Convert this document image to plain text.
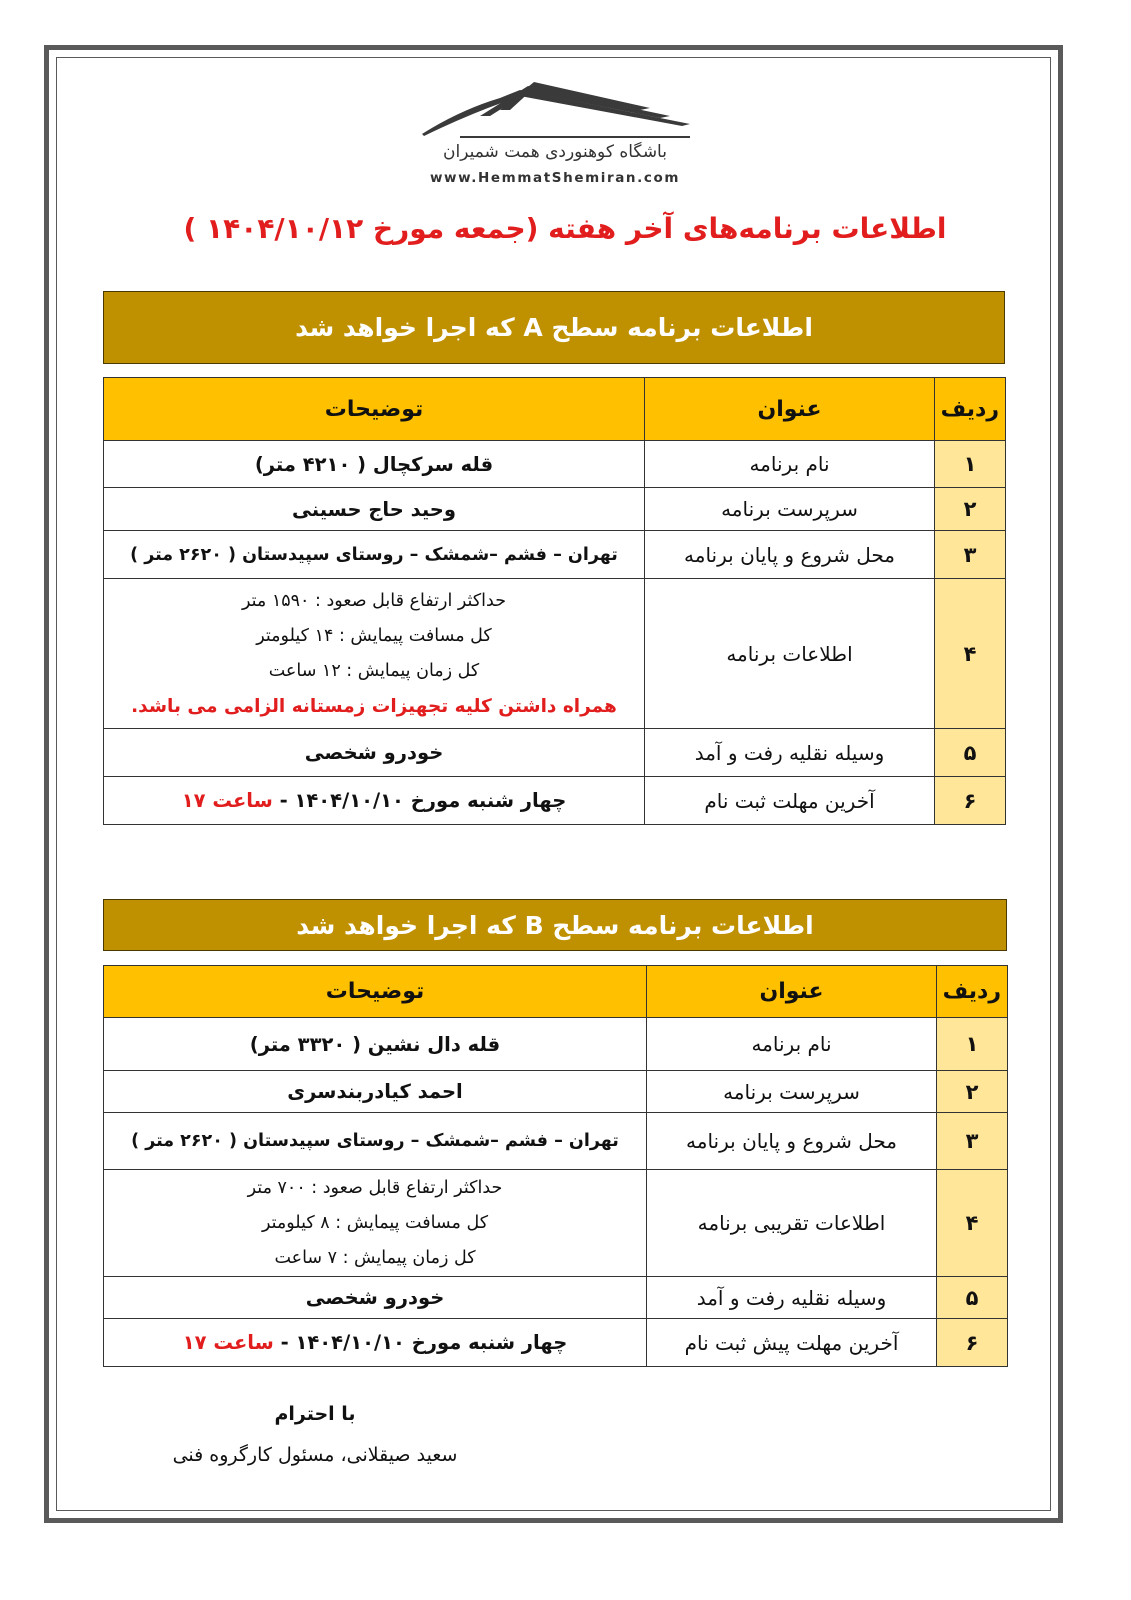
باشگاه کوهنوردی همت شمیران
www.HemmatShemiran.com
اطلاعات برنامه‌های آخر هفته (جمعه مورخ ۱۴۰۴/۱۰/۱۲ )
اطلاعات برنامه سطح A که اجرا خواهد شد
ردیف	عنوان	توضیحات
۱	نام برنامه	قله سرکچال ( ۴۲۱۰ متر)
۲	سرپرست برنامه	وحید حاج حسینی
۳	محل شروع و پایان برنامه	تهران – فشم –شمشک – روستای سپیدستان ( ۲۶۲۰ متر )
۴	اطلاعات برنامه	حداکثر ارتفاع قابل صعود : ۱۵۹۰ متر
کل مسافت پیمایش : ۱۴ کیلومتر
کل زمان پیمایش : ۱۲ ساعت
همراه داشتن کلیه تجهیزات زمستانه الزامی می باشد.

۵	وسیله نقلیه رفت و آمد	خودرو شخصی
۶	آخرین مهلت ثبت نام	چهار شنبه مورخ ۱۴۰۴/۱۰/۱۰ - ساعت ۱۷
اطلاعات برنامه سطح B که اجرا خواهد شد
ردیف	عنوان	توضیحات
۱	نام برنامه	قله دال نشین ( ۳۳۲۰ متر)
۲	سرپرست برنامه	احمد کیادربندسری
۳	محل شروع و پایان برنامه	تهران – فشم –شمشک – روستای سپیدستان ( ۲۶۲۰ متر )
۴	اطلاعات تقریبی برنامه	حداکثر ارتفاع قابل صعود : ۷۰۰ متر
کل مسافت پیمایش : ۸ کیلومتر
کل زمان پیمایش : ۷ ساعت

۵	وسیله نقلیه رفت و آمد	خودرو شخصی
۶	آخرین مهلت پیش ثبت نام	چهار شنبه مورخ ۱۴۰۴/۱۰/۱۰ - ساعت ۱۷
با احترام
سعید صیقلانی، مسئول کارگروه فنی
